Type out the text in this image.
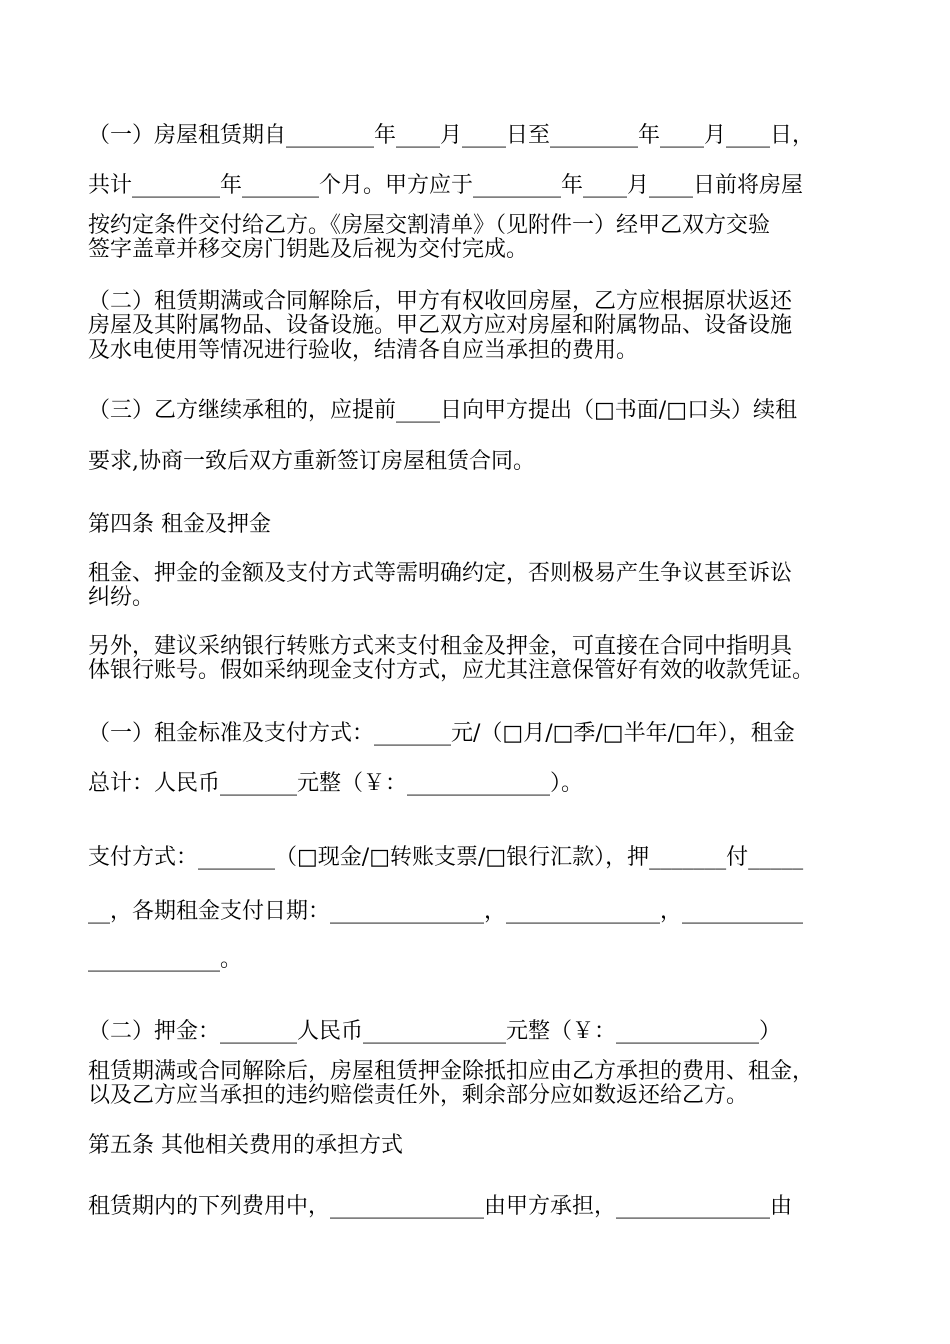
（一）房屋租赁期自________年____月____日至________年____月____日，
共计________年_______个月。甲方应于________年____月____日前将房屋
按约定条件交付给乙方。《房屋交割清单》（见附件一）经甲乙双方交验
签字盖章并移交房门钥匙及后视为交付完成。
（二）租赁期满或合同解除后，甲方有权收回房屋，乙方应根据原状返还
房屋及其附属物品、设备设施。甲乙双方应对房屋和附属物品、设备设施
及水电使用等情况进行验收，结清各自应当承担的费用。
（三）乙方继续承租的，应提前____日向甲方提出（□书面/□口头）续租
要求,协商一致后双方重新签订房屋租赁合同。
第四条 租金及押金
租金、押金的金额及支付方式等需明确约定，否则极易产生争议甚至诉讼
纠纷。
另外，建议采纳银行转账方式来支付租金及押金，可直接在合同中指明具
体银行账号。假如采纳现金支付方式，应尤其注意保管好有效的收款凭证。
（一）租金标准及支付方式：_______元/（□月/□季/□半年/□年），租金
总计：人民币_______元整（￥：_____________）。
支付方式：_______（□现金/□转账支票/□银行汇款），押_______付_____
__，各期租金支付日期：______________，______________，___________
____________。
（二）押金：_______人民币_____________元整（￥：_____________）
租赁期满或合同解除后，房屋租赁押金除抵扣应由乙方承担的费用、租金，
以及乙方应当承担的违约赔偿责任外，剩余部分应如数返还给乙方。
第五条 其他相关费用的承担方式
租赁期内的下列费用中，______________由甲方承担，______________由
